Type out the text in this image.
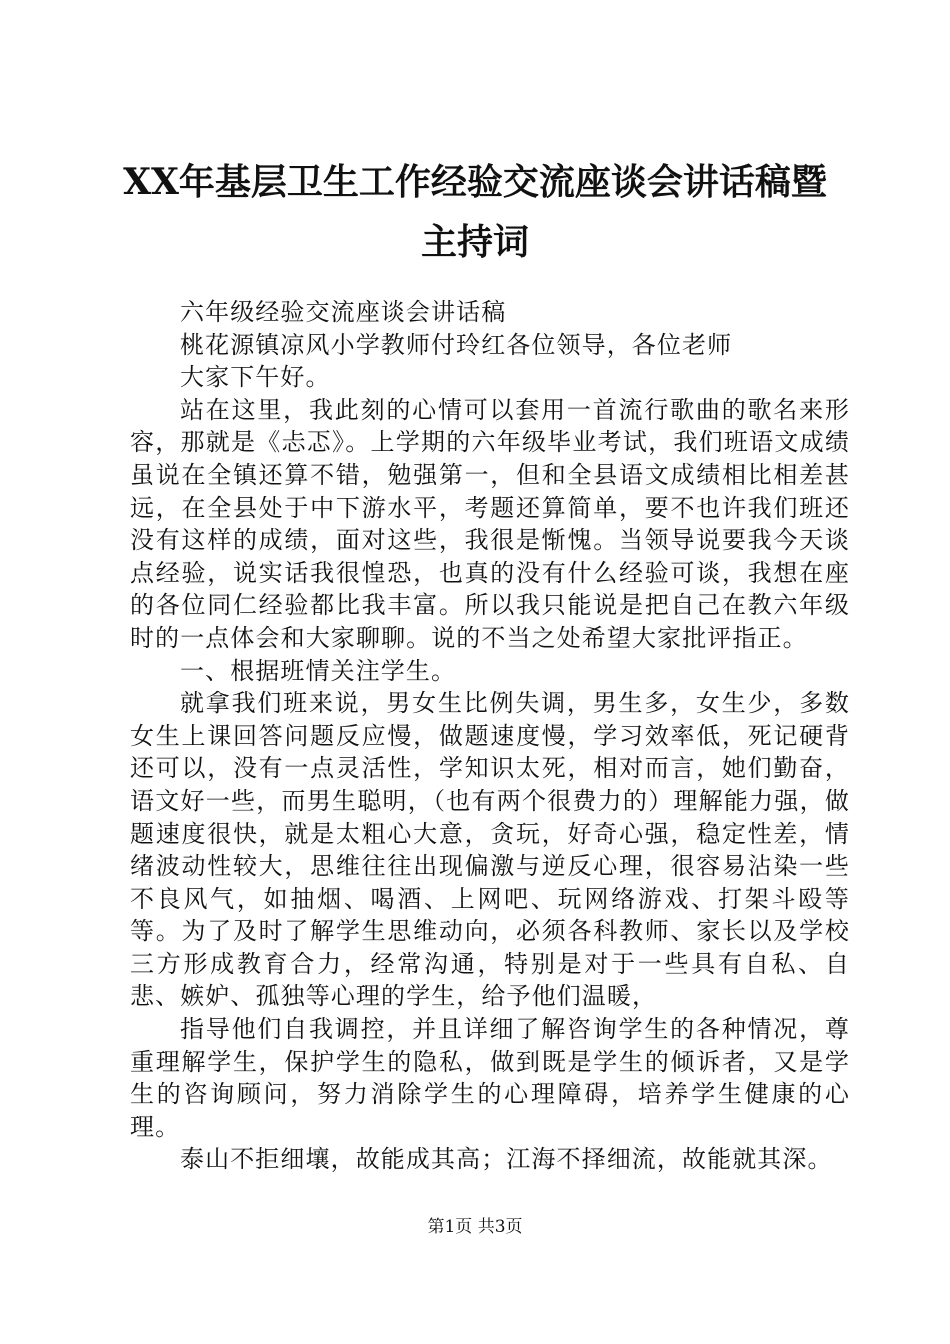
XX年基层卫生工作经验交流座谈会讲话稿暨
主持词

六年级经验交流座谈会讲话稿

桃花源镇凉风小学教师付玲红各位领导，各位老师

大家下午好。

站在这里，我此刻的心情可以套用一首流行歌曲的歌名来形容，那就是《忐忑》。上学期的六年级毕业考试，我们班语文成绩虽说在全镇还算不错，勉强第一，但和全县语文成绩相比相差甚远，在全县处于中下游水平，考题还算简单，要不也许我们班还没有这样的成绩，面对这些，我很是惭愧。当领导说要我今天谈点经验，说实话我很惶恐，也真的没有什么经验可谈，我想在座的各位同仁经验都比我丰富。所以我只能说是把自己在教六年级时的一点体会和大家聊聊。说的不当之处希望大家批评指正。

一、根据班情关注学生。

就拿我们班来说，男女生比例失调，男生多，女生少，多数女生上课回答问题反应慢，做题速度慢，学习效率低，死记硬背还可以，没有一点灵活性，学知识太死，相对而言，她们勤奋，语文好一些，而男生聪明，（也有两个很费力的）理解能力强，做题速度很快，就是太粗心大意，贪玩，好奇心强，稳定性差，情绪波动性较大，思维往往出现偏激与逆反心理，很容易沾染一些不良风气，如抽烟、喝酒、上网吧、玩网络游戏、打架斗殴等等。为了及时了解学生思维动向，必须各科教师、家长以及学校三方形成教育合力，经常沟通，特别是对于一些具有自私、自悲、嫉妒、孤独等心理的学生，给予他们温暖，

指导他们自我调控，并且详细了解咨询学生的各种情况，尊重理解学生，保护学生的隐私，做到既是学生的倾诉者，又是学生的咨询顾问，努力消除学生的心理障碍，培养学生健康的心理。

泰山不拒细壤，故能成其高；江海不择细流，故能就其深。

第1页 共3页
